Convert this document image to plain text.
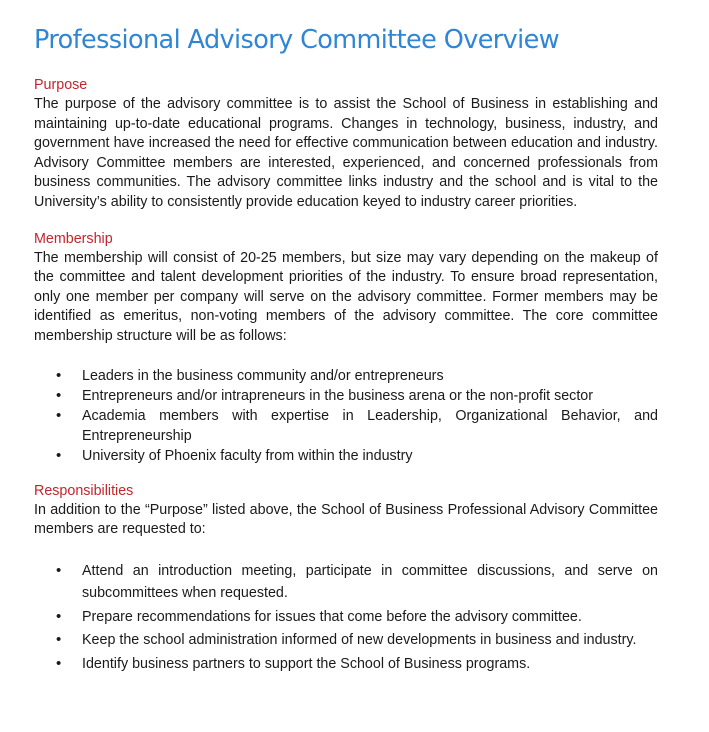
Professional Advisory Committee Overview
Purpose

The purpose of the advisory committee is to assist the School of Business in establishing and maintaining up-to-date educational programs. Changes in technology, business, industry, and government have increased the need for effective communication between education and industry. Advisory Committee members are interested, experienced, and concerned professionals from business communities. The advisory committee links industry and the school and is vital to the University’s ability to consistently provide education keyed to industry career priorities.

Membership

The membership will consist of 20-25 members, but size may vary depending on the makeup of the committee and talent development priorities of the industry. To ensure broad representation, only one member per company will serve on the advisory committee. Former members may be identified as emeritus, non-voting members of the advisory committee. The core committee membership structure will be as follows:

• Leaders in the business community and/or entrepreneurs
• Entrepreneurs and/or intrapreneurs in the business arena or the non-profit sector
• Academia members with expertise in Leadership, Organizational Behavior, and Entrepreneurship
• University of Phoenix faculty from within the industry
Responsibilities

In addition to the “Purpose” listed above, the School of Business Professional Advisory Committee members are requested to:

• Attend an introduction meeting, participate in committee discussions, and serve on subcommittees when requested.
• Prepare recommendations for issues that come before the advisory committee.
• Keep the school administration informed of new developments in business and industry.
• Identify business partners to support the School of Business programs.
